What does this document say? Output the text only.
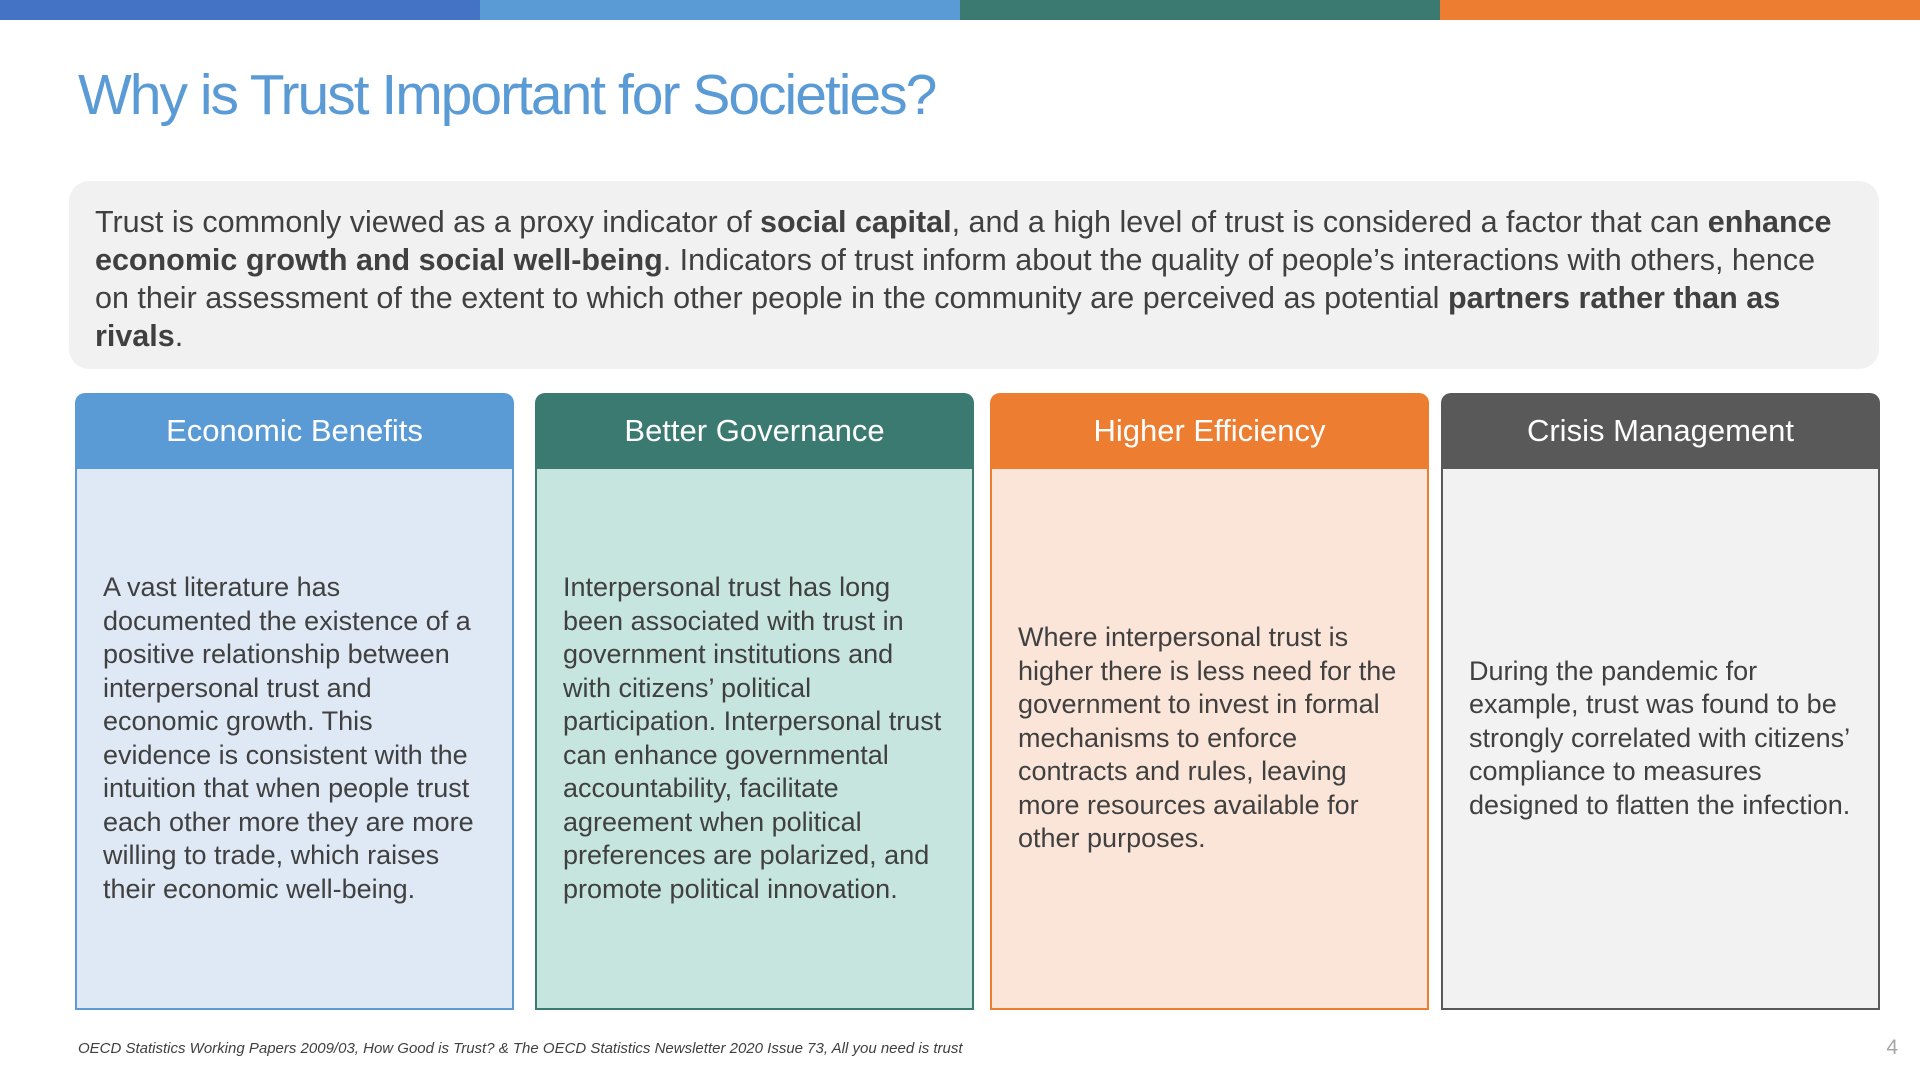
Why is Trust Important for Societies?

Trust is commonly viewed as a proxy indicator of social capital, and a high level of trust is considered a factor that can enhance economic growth and social well-being. Indicators of trust inform about the quality of people’s interactions with others, hence on their assessment of the extent to which other people in the community are perceived as potential partners rather than as rivals.

Economic Benefits

A vast literature has documented the existence of a positive relationship between interpersonal trust and economic growth. This evidence is consistent with the intuition that when people trust each other more they are more willing to trade, which raises their economic well-being.

Better Governance

Interpersonal trust has long been associated with trust in government institutions and with citizens’ political participation. Interpersonal trust can enhance governmental accountability, facilitate agreement when political preferences are polarized, and promote political innovation.

Higher Efficiency

Where interpersonal trust is higher there is less need for the government to invest in formal mechanisms to enforce contracts and rules, leaving more resources available for other purposes.

Crisis Management

During the pandemic for example, trust was found to be strongly correlated with citizens’ compliance to measures designed to flatten the infection.

OECD Statistics Working Papers 2009/03, How Good is Trust? & The OECD Statistics Newsletter 2020 Issue 73, All you need is trust	4
